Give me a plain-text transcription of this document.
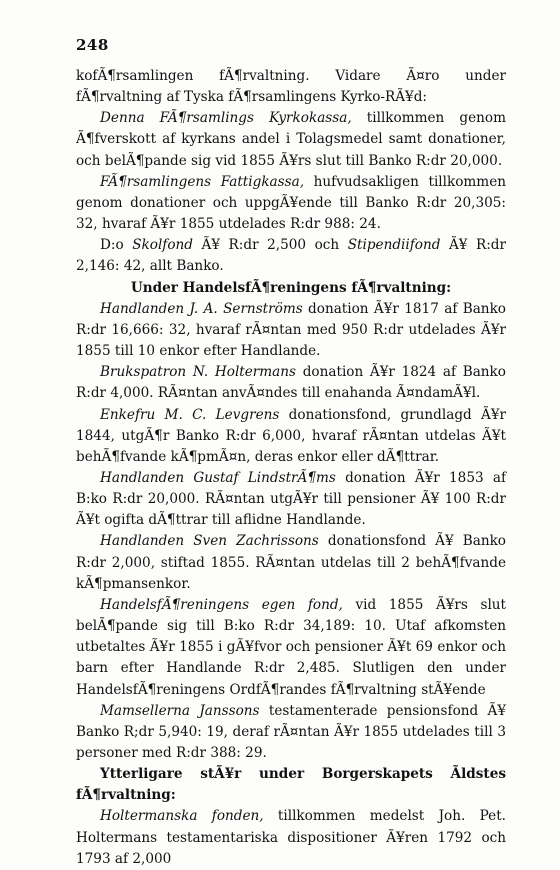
248

kofÃ¶rsamlingen fÃ¶rvaltning. Vidare Ã¤ro under fÃ¶rvaltning af Tyska fÃ¶rsamlingens Kyrko-RÃ¥d:

Denna FÃ¶rsamlings Kyrkokassa, tillkommen genom Ã¶fverskott af kyrkans andel i Tolagsmedel samt donationer, och belÃ¶pande sig vid 1855 Ã¥rs slut till Banko R:dr 20,000.

FÃ¶rsamlingens Fattigkassa, hufvudsakligen tillkommen genom donationer och uppgÃ¥ende till Banko R:dr 20,305: 32, hvaraf Ã¥r 1855 utdelades R:dr 988: 24.

D:o Skolfond Ã¥ R:dr 2,500 och Stipendiifond Ã¥ R:dr 2,146: 42, allt Banko.

Under HandelsfÃ¶reningens fÃ¶rvaltning:

Handlanden J. A. Sernströms donation Ã¥r 1817 af Banko R:dr 16,666: 32, hvaraf rÃ¤ntan med 950 R:dr utdelades Ã¥r 1855 till 10 enkor efter Handlande.

Brukspatron N. Holtermans donation Ã¥r 1824 af Banko R:dr 4,000. RÃ¤ntan anvÃ¤ndes till enahanda Ã¤ndamÃ¥l.

Enkefru M. C. Levgrens donationsfond, grundlagd Ã¥r 1844, utgÃ¶r Banko R:dr 6,000, hvaraf rÃ¤ntan utdelas Ã¥t behÃ¶fvande kÃ¶pmÃ¤n, deras enkor eller dÃ¶ttrar.

Handlanden Gustaf LindstrÃ¶ms donation Ã¥r 1853 af B:ko R:dr 20,000. RÃ¤ntan utgÃ¥r till pensioner Ã¥ 100 R:dr Ã¥t ogifta dÃ¶ttrar till aflidne Handlande.

Handlanden Sven Zachrissons donationsfond Ã¥ Banko R:dr 2,000, stiftad 1855. RÃ¤ntan utdelas till 2 behÃ¶fvande kÃ¶pmansenkor.

HandelsfÃ¶reningens egen fond, vid 1855 Ã¥rs slut belÃ¶pande sig till B:ko R:dr 34,189: 10. Utaf afkomsten utbetaltes Ã¥r 1855 i gÃ¥fvor och pensioner Ã¥t 69 enkor och barn efter Handlande R:dr 2,485. Slutligen den under HandelsfÃ¶reningens OrdfÃ¶randes fÃ¶rvaltning stÃ¥ende

Mamsellerna Janssons testamenterade pensionsfond Ã¥ Banko R;dr 5,940: 19, deraf rÃ¤ntan Ã¥r 1855 utdelades till 3 personer med R:dr 388: 29.

Ytterligare stÃ¥r under Borgerskapets Ãldstes fÃ¶rvaltning:

Holtermanska fonden, tillkommen medelst Joh. Pet. Holtermans testamentariska dispositioner Ã¥ren 1792 och 1793 af 2,000
